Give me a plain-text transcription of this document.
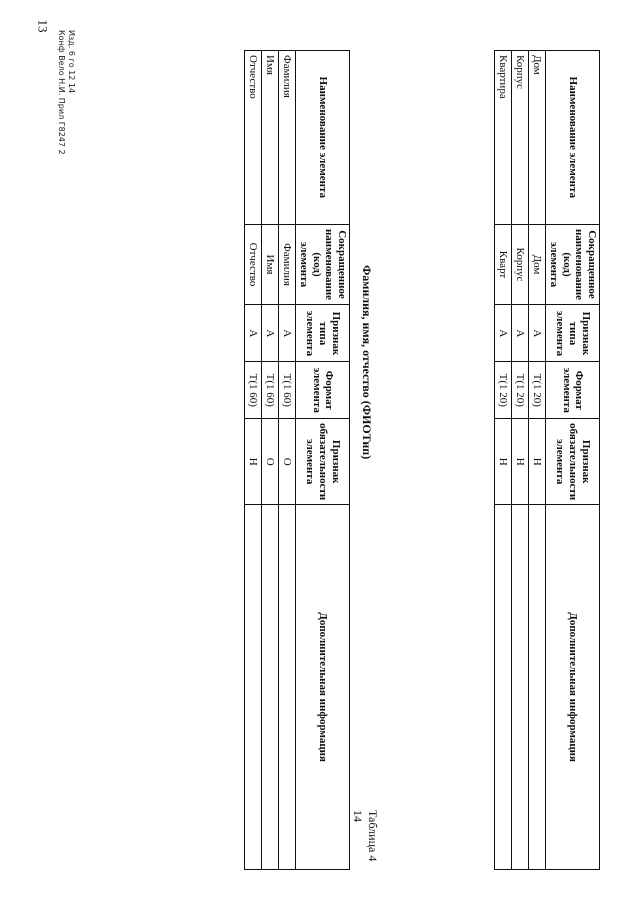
13
Наименование элемента	Сокращенное наименование (код) элемента	Признак типа элемента	Формат элемента	Признак обязательности элемента	Дополнительная информация
Дом	Дом	А	Т(1 20)	Н	
Корпус	Корпус	А	Т(1 20)	Н	
Квартира	Кварт	А	Т(1 20)	Н	
Фамилия, имя, отчество (ФИОТип)
Таблица 4 14
Наименование элемента	Сокращенное наименование (код) элемента	Признак типа элемента	Формат элемента	Признак обязательности элемента	Дополнительная информация
Фамилия	Фамилия	А	Т(1 60)	О	
Имя	Имя	А	Т(1 60)	О	
Отчество	Отчество	А	Т(1 60)	Н	
Изд. 6 го 12 14
Конф Вело Н.И. Прил Г8247 2
